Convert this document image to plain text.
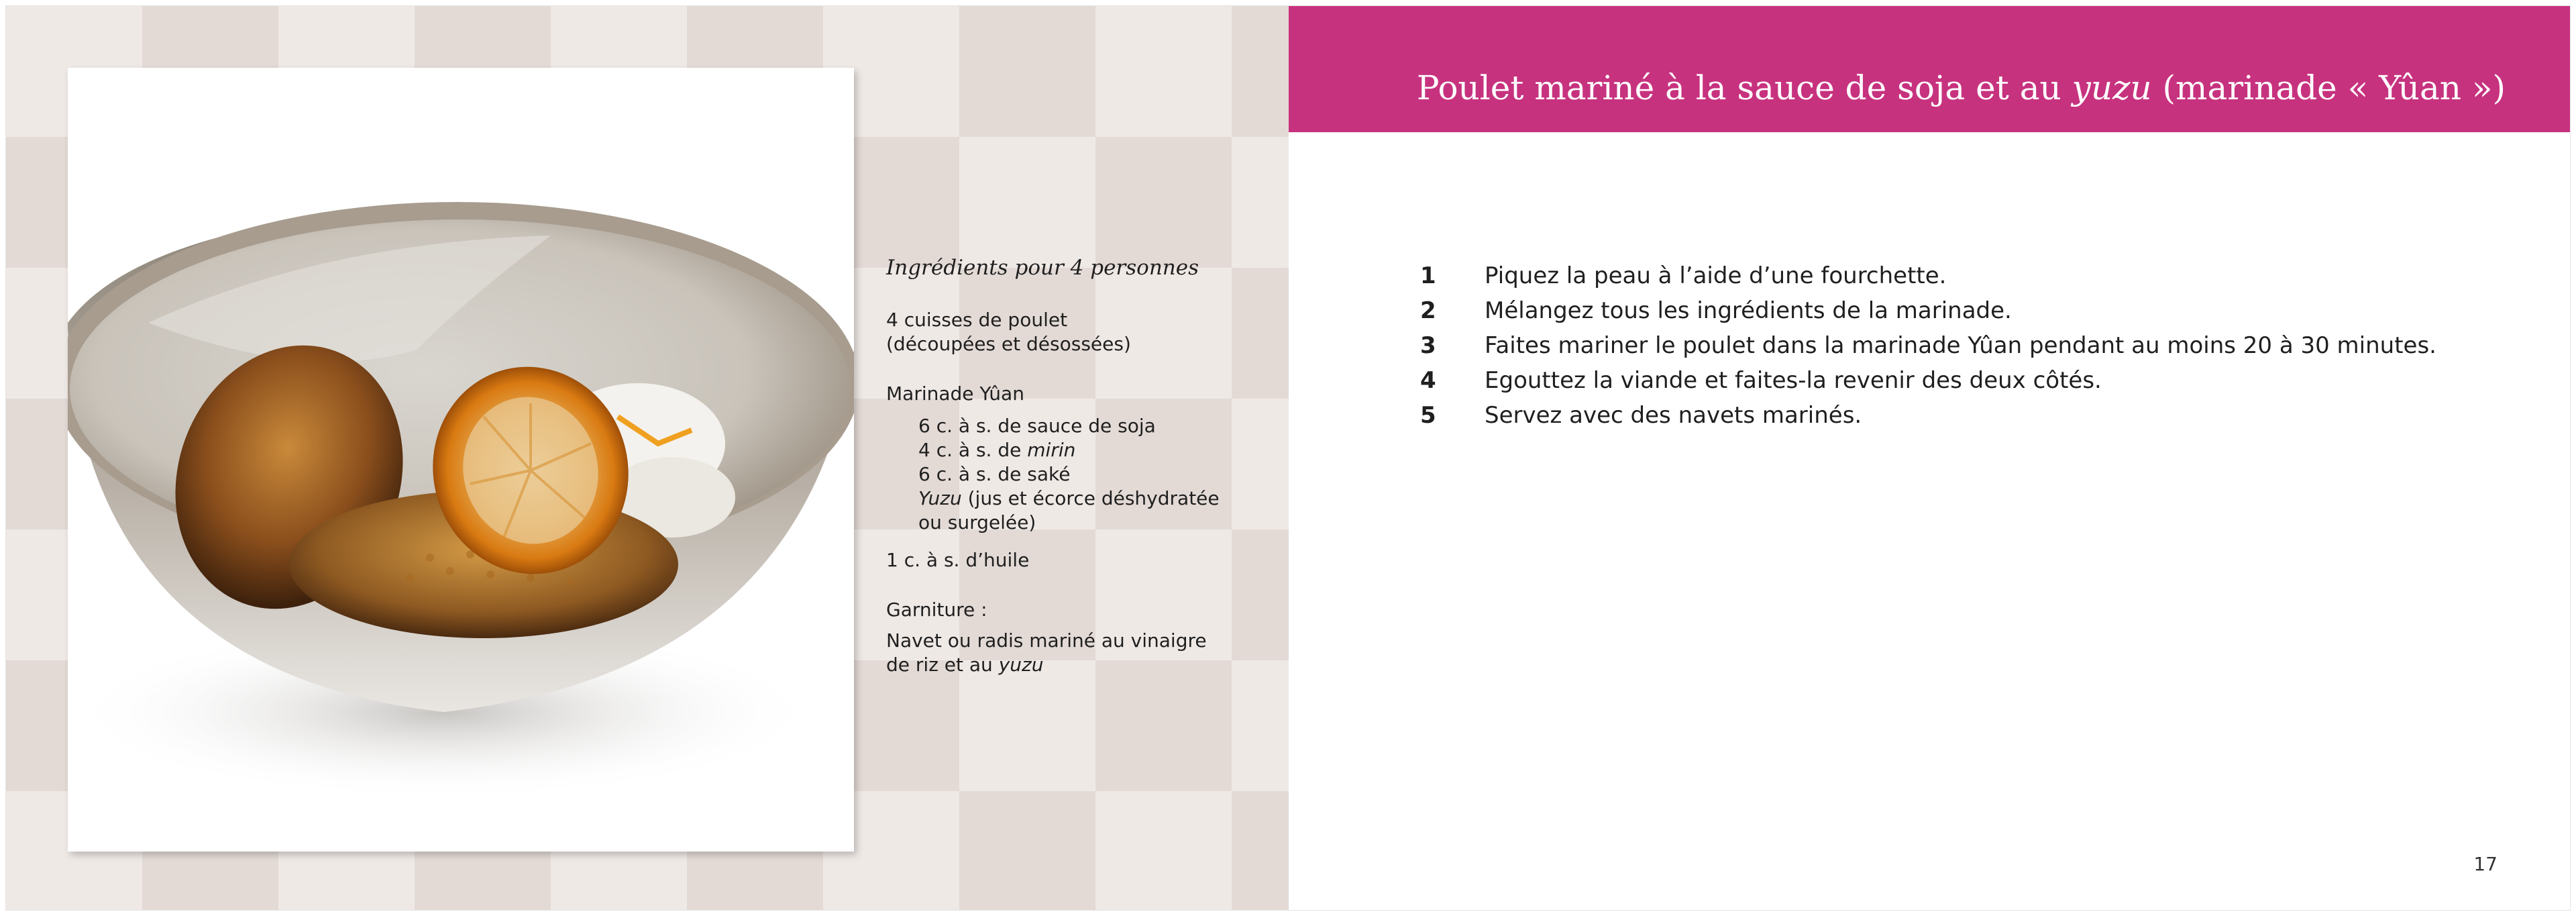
Ingrédients pour 4 personnes

4 cuisses de poulet
(découpées et désossées)
Marinade Yûan
6 c. à s. de sauce de soja
4 c. à s. de mirin
6 c. à s. de saké
Yuzu (jus et écorce déshydratée
ou surgelée)
1 c. à s. d’huile
Garniture :
Navet ou radis mariné au vinaigre
de riz et au yuzu
Poulet mariné à la sauce de soja et au yuzu (marinade « Yûan »)
1	Piquez la peau à l’aide d’une fourchette.
2	Mélangez tous les ingrédients de la marinade.
3	Faites mariner le poulet dans la marinade Yûan pendant au moins 20 à 30 minutes.
4	Egouttez la viande et faites-la revenir des deux côtés.
5	Servez avec des navets marinés.
17
